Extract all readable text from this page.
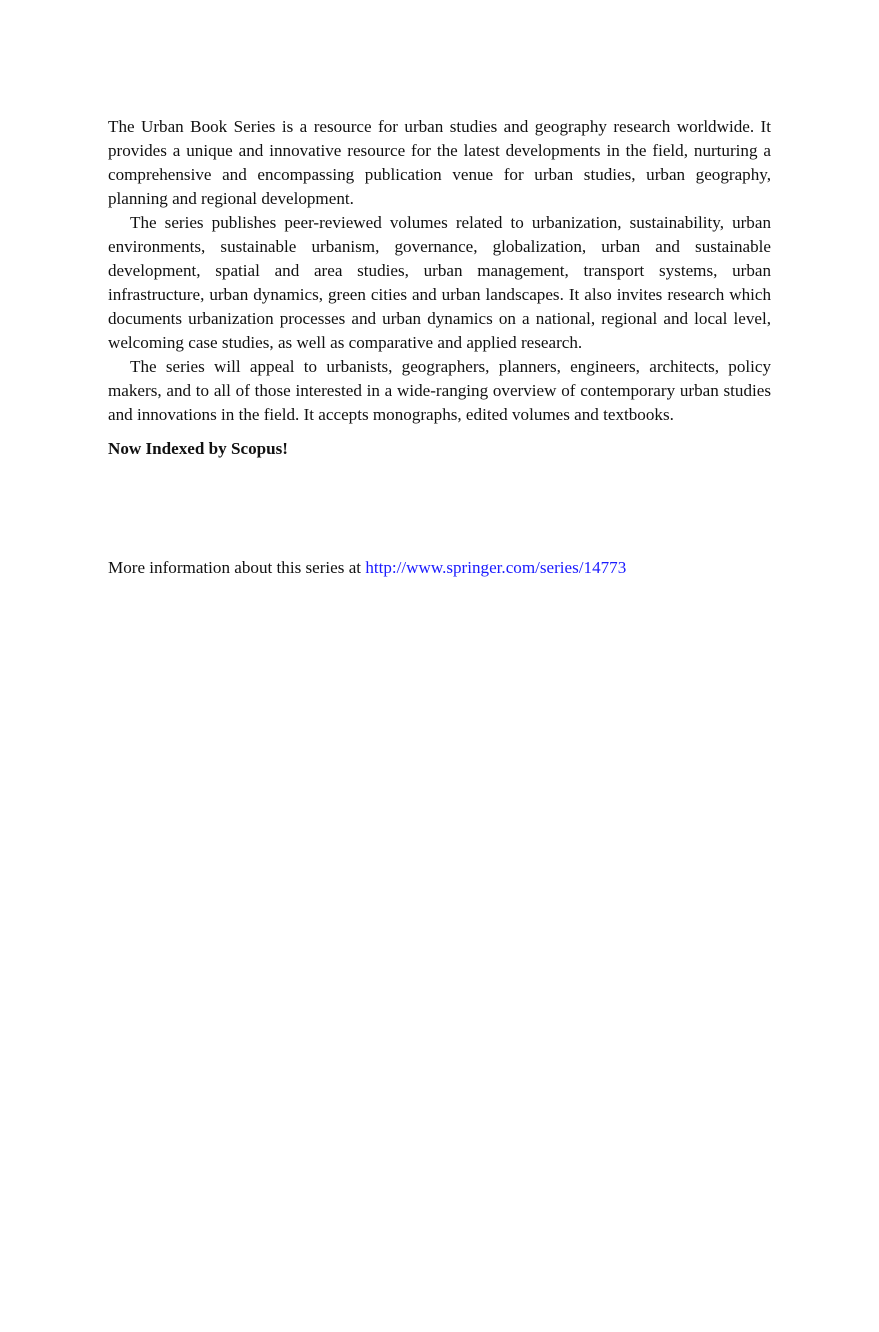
The Urban Book Series is a resource for urban studies and geography research worldwide. It provides a unique and innovative resource for the latest developments in the field, nurturing a comprehensive and encompassing publication venue for urban studies, urban geography, planning and regional development.

The series publishes peer-reviewed volumes related to urbanization, sustainability, urban environments, sustainable urbanism, governance, globalization, urban and sustainable development, spatial and area studies, urban management, transport systems, urban infrastructure, urban dynamics, green cities and urban landscapes. It also invites research which documents urbanization processes and urban dynamics on a national, regional and local level, welcoming case studies, as well as comparative and applied research.

The series will appeal to urbanists, geographers, planners, engineers, architects, policy makers, and to all of those interested in a wide-ranging overview of contemporary urban studies and innovations in the field. It accepts monographs, edited volumes and textbooks.

Now Indexed by Scopus!

More information about this series at http://www.springer.com/series/14773
